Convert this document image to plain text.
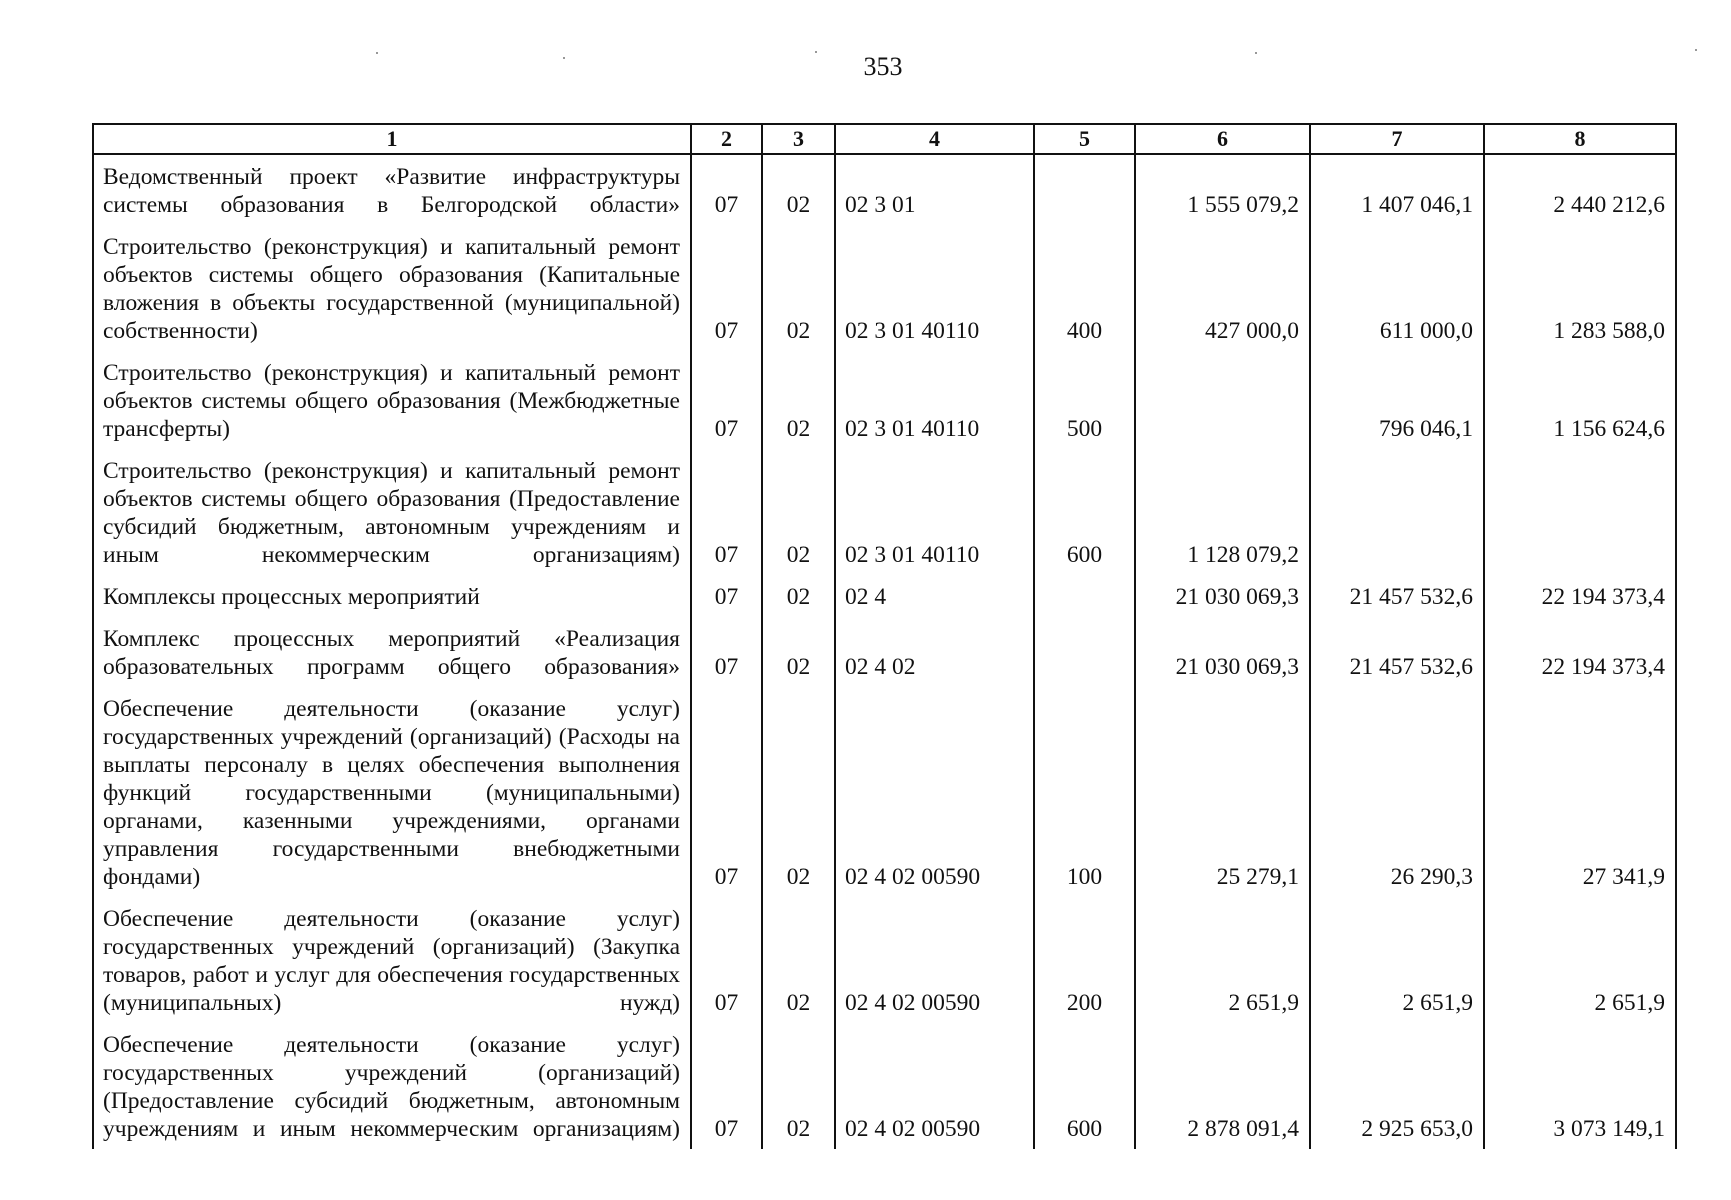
353
1	2	3	4	5	6	7	8
Ведомственный проект «Развитие инфраструктуры системы образования в Белгородской области»	07	02	02 3 01		1 555 079,2	1 407 046,1	2 440 212,6
Строительство (реконструкция) и капитальный ремонт объектов системы общего образования (Капитальные вложения в объекты государственной (муниципальной) собственности)	07	02	02 3 01 40110	400	427 000,0	611 000,0	1 283 588,0
Строительство (реконструкция) и капитальный ремонт объектов системы общего образования (Межбюджетные трансферты)	07	02	02 3 01 40110	500		796 046,1	1 156 624,6
Строительство (реконструкция) и капитальный ремонт объектов системы общего образования (Предоставление субсидий бюджетным, автономным учреждениям и иным некоммерческим организациям)	07	02	02 3 01 40110	600	1 128 079,2		
Комплексы процессных мероприятий	07	02	02 4		21 030 069,3	21 457 532,6	22 194 373,4
Комплекс процессных мероприятий «Реализация образовательных программ общего образования»	07	02	02 4 02		21 030 069,3	21 457 532,6	22 194 373,4
Обеспечение деятельности (оказание услуг) государственных учреждений (организаций) (Расходы на выплаты персоналу в целях обеспечения выполнения функций государственными (муниципальными) органами, казенными учреждениями, органами управления государственными внебюджетными фондами)	07	02	02 4 02 00590	100	25 279,1	26 290,3	27 341,9
Обеспечение деятельности (оказание услуг) государственных учреждений (организаций) (Закупка товаров, работ и услуг для обеспечения государственных (муниципальных) нужд)	07	02	02 4 02 00590	200	2 651,9	2 651,9	2 651,9
Обеспечение деятельности (оказание услуг) государственных учреждений (организаций) (Предоставление субсидий бюджетным, автономным учреждениям и иным некоммерческим организациям)	07	02	02 4 02 00590	600	2 878 091,4	2 925 653,0	3 073 149,1
